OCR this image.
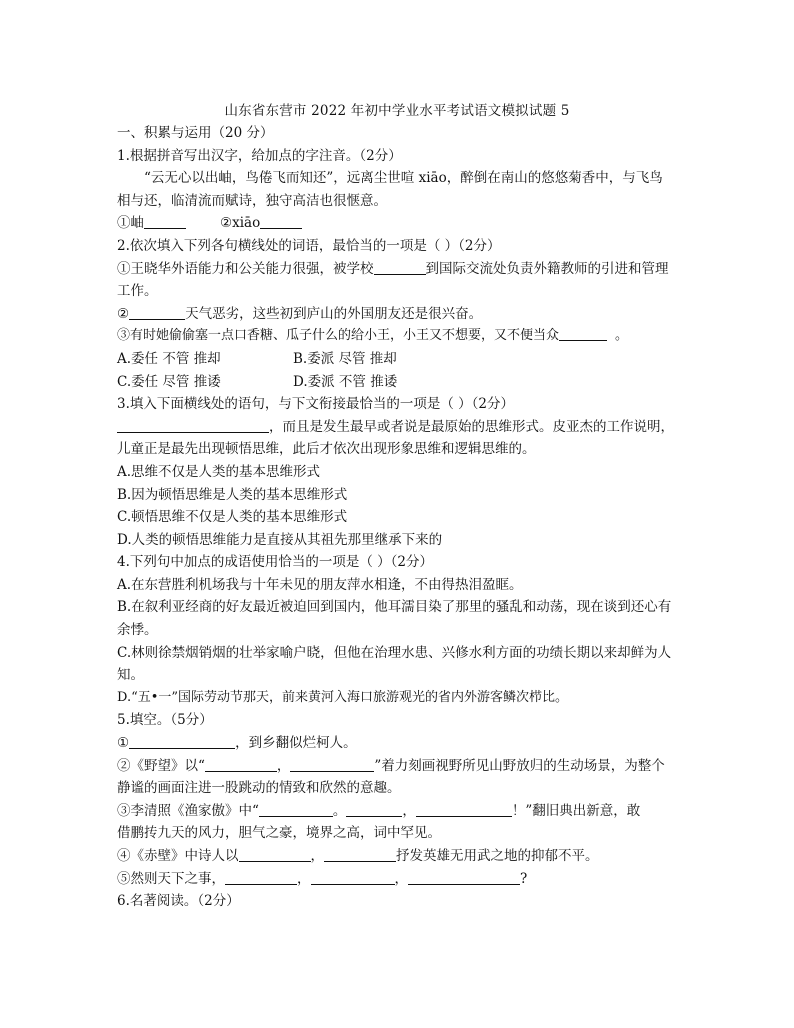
山东省东营市 2022 年初中学业水平考试语文模拟试题 5
一、积累与运用（20 分）
1.根据拼音写出汉字，给加点的字注音。（2分）
“云无心以出岫，鸟倦飞而知还”，远离尘世喧 xiāo，醉倒在南山的悠悠菊香中，与飞鸟
相与还，临清流而赋诗，独守高洁也很惬意。
①岫	②xiāo
2.依次填入下列各句横线处的词语，最恰当的一项是（ ）（2分）
①王晓华外语能力和公关能力很强，被学校	到国际交流处负责外籍教师的引进和管理
工作。
②	天气恶劣，这些初到庐山的外国朋友还是很兴奋。
③有时她偷偷塞一点口香糖、瓜子什么的给小王，小王又不想要，又不便当众	。
A.委任 不管 推却	B.委派 尽管 推却
C.委任 尽管 推诿	D.委派 不管 推诿
3.填入下面横线处的语句，与下文衔接最恰当的一项是（ ）（2分）
，而且是发生最早或者说是最原始的思维形式。皮亚杰的工作说明，
儿童正是最先出现顿悟思维，此后才依次出现形象思维和逻辑思维的。
A.思维不仅是人类的基本思维形式
B.因为顿悟思维是人类的基本思维形式
C.顿悟思维不仅是人类的基本思维形式
D.人类的顿悟思维能力是直接从其祖先那里继承下来的
4.下列句中加点的成语使用恰当的一项是（ ）（2分）
A.在东营胜利机场我与十年未见的朋友萍水相逢，不由得热泪盈眶。
B.在叙利亚经商的好友最近被迫回到国内，他耳濡目染了那里的骚乱和动荡，现在谈到还心有
余悸。
C.林则徐禁烟销烟的壮举家喻户晓，但他在治理水患、兴修水利方面的功绩长期以来却鲜为人
知。
D.“五•一”国际劳动节那天，前来黄河入海口旅游观光的省内外游客鳞次栉比。
5.填空。（5分）
①	，到乡翻似烂柯人。
②《野望》以“	，	”着力刻画视野所见山野放归的生动场景，为整个
静谧的画面注进一股跳动的情致和欣然的意趣。
③李清照《渔家傲》中“	。	，	！”翻旧典出新意，敢
借鹏抟九天的风力，胆气之豪，境界之高，词中罕见。
④《赤壁》中诗人以	，	抒发英雄无用武之地的抑郁不平。
⑤然则天下之事，	，	，	?
6.名著阅读。（2分）
